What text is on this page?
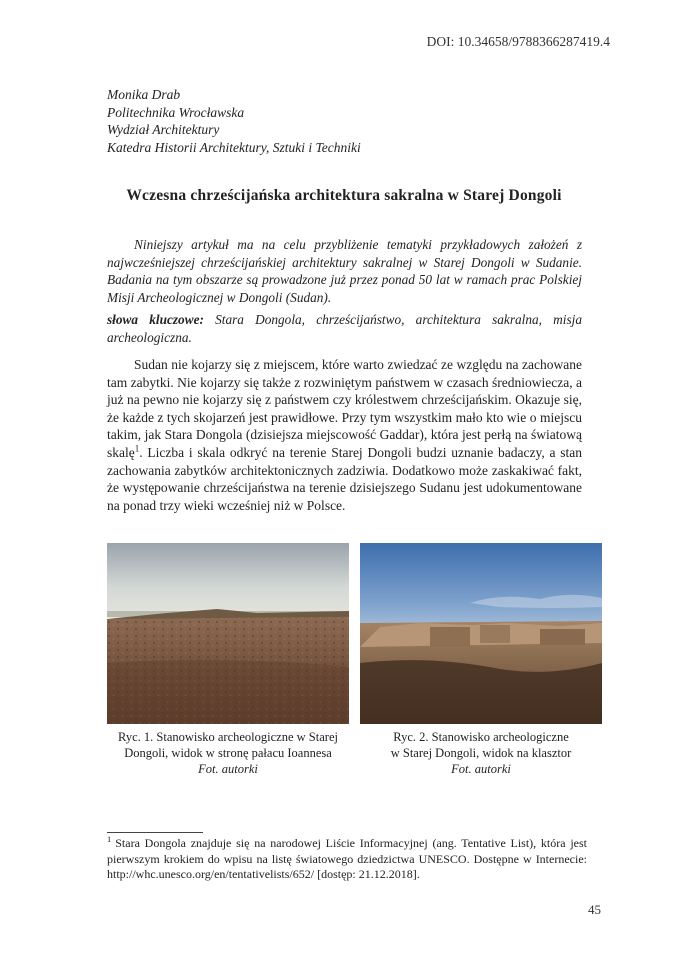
DOI: 10.34658/9788366287419.4
Monika Drab
Politechnika Wrocławska
Wydział Architektury
Katedra Historii Architektury, Sztuki i Techniki
Wczesna chrześcijańska architektura sakralna w Starej Dongoli

Niniejszy artykuł ma na celu przybliżenie tematyki przykładowych założeń z najwcześniejszej chrześcijańskiej architektury sakralnej w Starej Dongoli w Sudanie. Badania na tym obszarze są prowadzone już przez ponad 50 lat w ramach prac Polskiej Misji Archeologicznej w Dongoli (Sudan).

słowa kluczowe: Stara Dongola, chrześcijaństwo, architektura sakralna, misja archeologiczna.

Sudan nie kojarzy się z miejscem, które warto zwiedzać ze względu na zachowane tam zabytki. Nie kojarzy się także z rozwiniętym państwem w czasach średniowiecza, a już na pewno nie kojarzy się z państwem czy królestwem chrześcijańskim. Okazuje się, że każde z tych skojarzeń jest prawidłowe. Przy tym wszystkim mało kto wie o miejscu takim, jak Stara Dongola (dzisiejsza miejscowość Gaddar), która jest perłą na światową skalę$^1$. Liczba i skala odkryć na terenie Starej Dongoli budzi uznanie badaczy, a stan zachowania zabytków architektonicznych zadziwia. Dodatkowo może zaskakiwać fakt, że występowanie chrześcijaństwa na terenie dzisiejszego Sudanu jest udokumentowane na ponad trzy wieki wcześniej niż w Polsce.

Ryc. 1. Stanowisko archeologiczne w Starej
Dongoli, widok w stronę pałacu Ioannesa
Fot. autorki
Ryc. 2. Stanowisko archeologiczne
w Starej Dongoli, widok na klasztor
Fot. autorki

$^1$ Stara Dongola znajduje się na narodowej Liście Informacyjnej (ang. Tentative List), która jest pierwszym krokiem do wpisu na listę światowego dziedzictwa UNESCO. Dostępne w Internecie: http://whc.unesco.org/en/tentativelists/652/ [dostęp: 21.12.2018].

45
